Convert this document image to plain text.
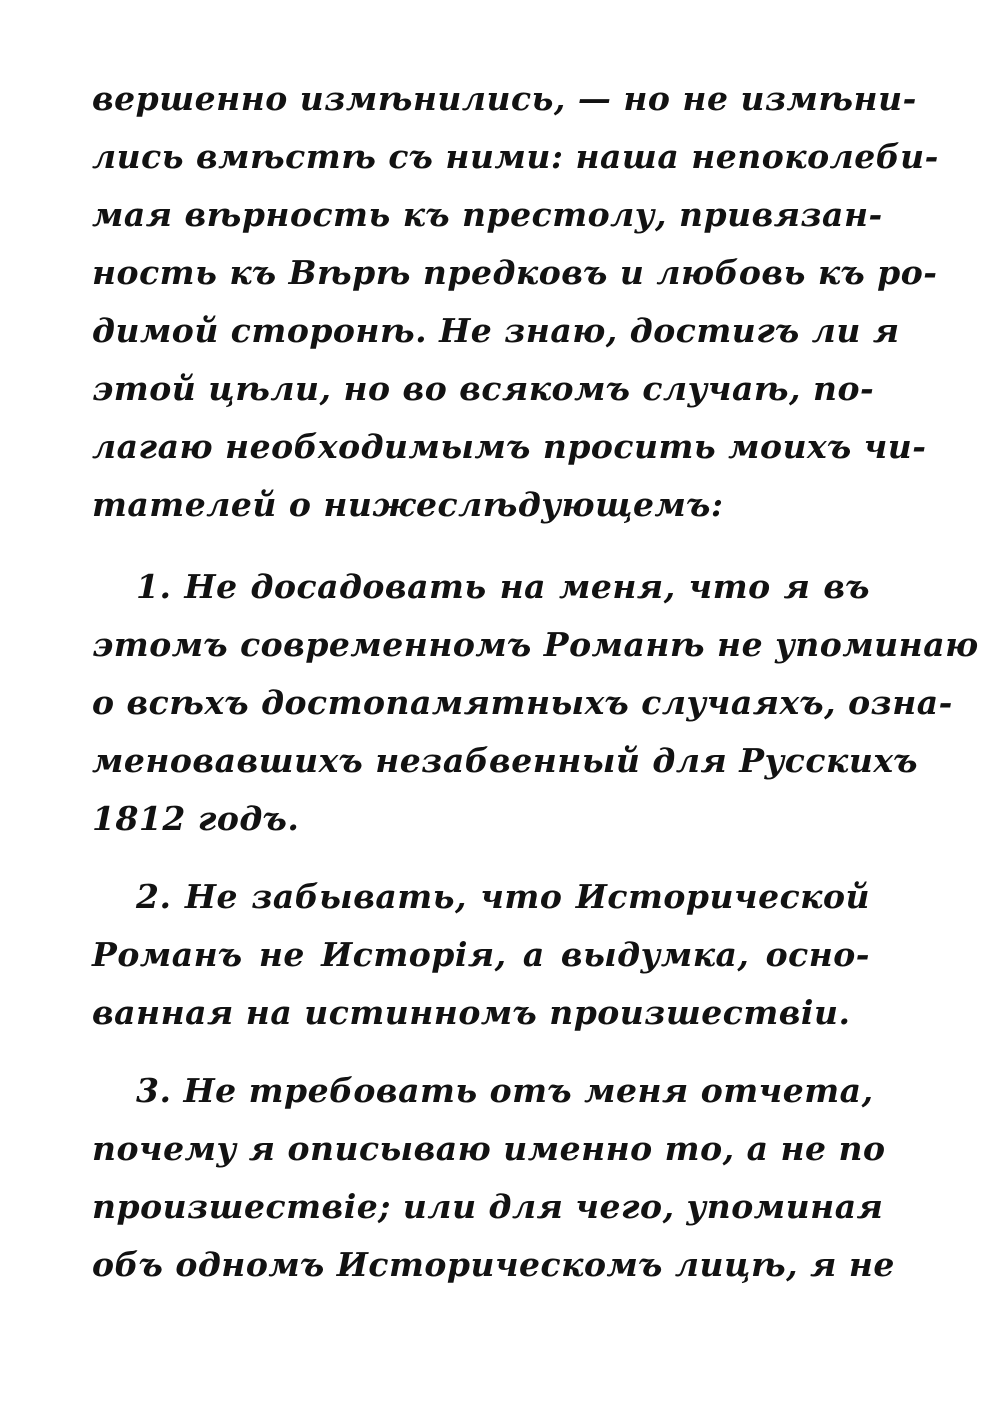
вершенно измѣнились, — но не измѣни-
лись вмѣстѣ съ ними: наша непоколеби-
мая вѣрность къ престолу, привязан-
ность къ Вѣрѣ предковъ и любовь къ ро-
димой сторонѣ. Не знаю, достигъ ли я
этой цѣли, но во всякомъ случаѣ, по-
лагаю необходимымъ просить моихъ чи-
тателей о нижеслѣдующемъ:
1. Не досадовать на меня, что я въ
этомъ современномъ Романѣ не упоминаю
о всѣхъ достопамятныхъ случаяхъ, озна-
меновавшихъ незабвенный для Русскихъ
1812 годъ.
2. Не забывать, что Исторической
Романъ не Исторія, а выдумка, осно-
ванная на истинномъ произшествіи.
3. Не требовать отъ меня отчета,
почему я описываю именно то, а не по
произшествіе; или для чего, упоминая
объ одномъ Историческомъ лицѣ, я не
